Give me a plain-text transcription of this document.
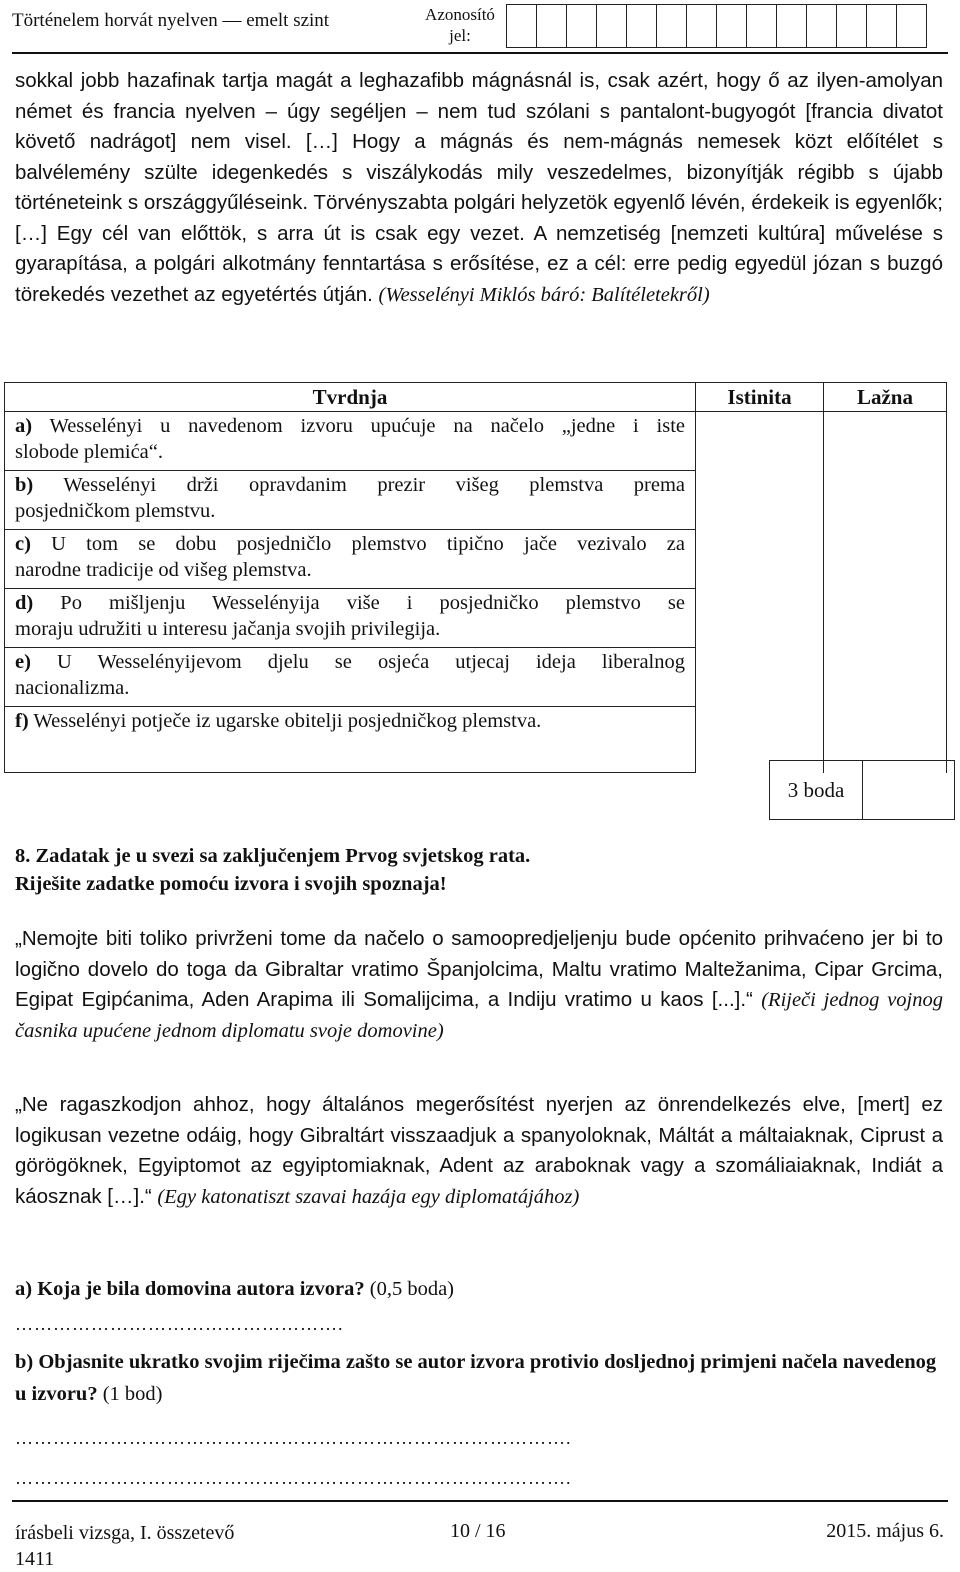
Történelem horvát nyelven — emelt szint	Azonosító
jel:

sokkal jobb hazafinak tartja magát a leghazafibb mágnásnál is, csak azért, hogy ő az ilyen-amolyan német és francia nyelven – úgy segéljen – nem tud szólani s pantalont-bugyogót [francia divatot követő nadrágot] nem visel. […] Hogy a mágnás és nem-mágnás nemesek közt előítélet s balvélemény szülte idegenkedés s viszálykodás mily veszedelmes, bizonyítják régibb s újabb történeteink s országgyűléseink. Törvényszabta polgári helyzetök egyenlő lévén, érdekeik is egyenlők; […] Egy cél van előttök, s arra út is csak egy vezet. A nemzetiség [nemzeti kultúra] művelése s gyarapítása, a polgári alkotmány fenntartása s erősítése, ez a cél: erre pedig egyedül józan s buzgó törekedés vezethet az egyetértés útján. (Wesselényi Miklós báró: Balítéletekről)

Tvrdnja	Istinita	Lažna

a) Wesselényi u navedenom izvoru upućuje na načelo „jedne i iste
slobode plemića“.		

b) Wesselényi drži opravdanim prezir višeg plemstva prema
posjedničkom plemstvu.		

c) U tom se dobu posjedničlo plemstvo tipično jače vezivalo za
narodne tradicije od višeg plemstva.		

d) Po mišljenju Wesselényija više i posjedničko plemstvo se
moraju udružiti u interesu jačanja svojih privilegija.		

e) U Wesselényijevom djelu se osjeća utjecaj ideja liberalnog
nacionalizma.		
f) Wesselényi potječe iz ugarske obitelji posjedničkog plemstva.		
3 boda
8. Zadatak je u svezi sa zaključenjem Prvog svjetskog rata.
Riješite zadatke pomoću izvora i svojih spoznaja!

„Nemojte biti toliko privrženi tome da načelo o samoopredjeljenju bude općenito prihvaćeno jer bi to logično dovelo do toga da Gibraltar vratimo Španjolcima, Maltu vratimo Maltežanima, Cipar Grcima, Egipat Egipćanima, Aden Arapima ili Somalijcima, a Indiju vratimo u kaos [...].“ (Riječi jednog vojnog časnika upućene jednom diplomatu svoje domovine)

„Ne ragaszkodjon ahhoz, hogy általános megerősítést nyerjen az önrendelkezés elve, [mert] ez logikusan vezetne odáig, hogy Gibraltárt visszaadjuk a spanyoloknak, Máltát a máltaiaknak, Ciprust a görögöknek, Egyiptomot az egyiptomiaknak, Adent az araboknak vagy a szomáliaiaknak, Indiát a káosznak […].“ (Egy katonatiszt szavai hazája egy diplomatájához)

a) Koja je bila domovina autora izvora? (0,5 boda)
…………………………………………….
b) Objasnite ukratko svojim riječima zašto se autor izvora protivio dosljednoj primjeni načela navedenog u izvoru? (1 bod)
…………………………………………………………………………….
…………………………………………………………………………….
írásbeli vizsga, I. összetevő
1411
10 / 16	2015. május 6.
